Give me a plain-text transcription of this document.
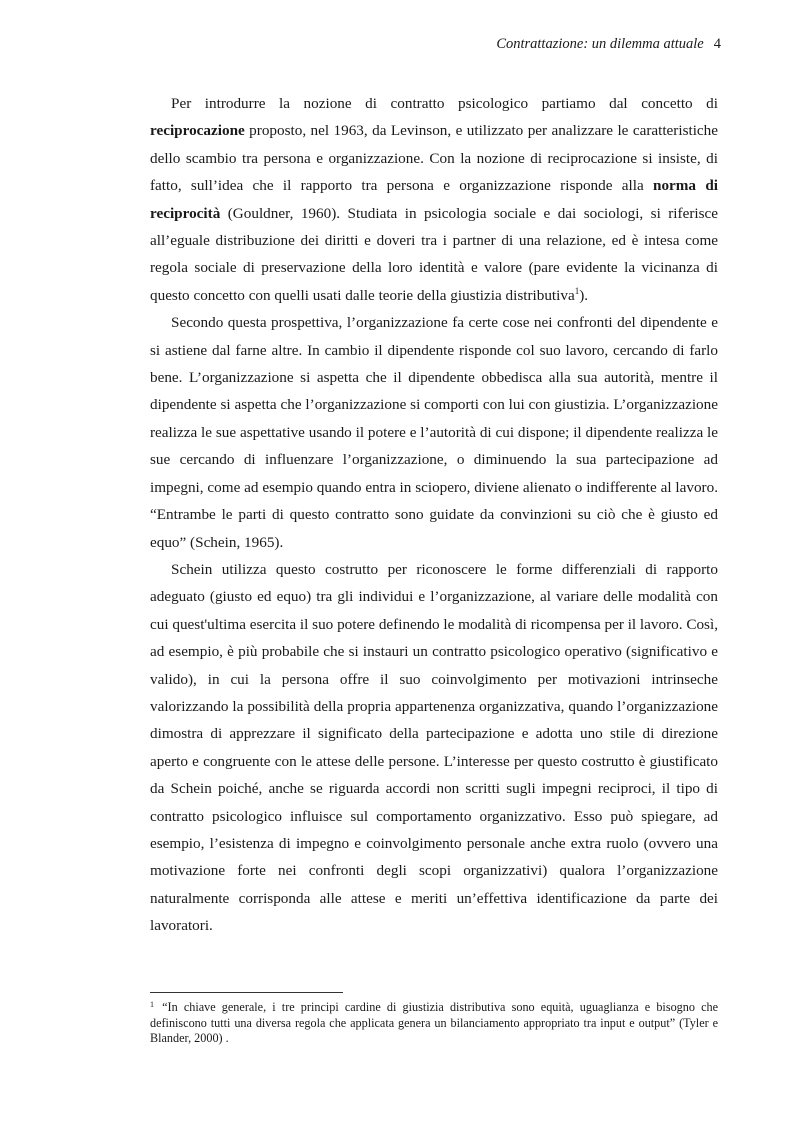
Contrattazione: un dilemma attuale 4

Per introdurre la nozione di contratto psicologico partiamo dal concetto di reciprocazione proposto, nel 1963, da Levinson, e utilizzato per analizzare le caratteristiche dello scambio tra persona e organizzazione. Con la nozione di reciprocazione si insiste, di fatto, sull’idea che il rapporto tra persona e organizzazione risponde alla norma di reciprocità (Gouldner, 1960). Studiata in psicologia sociale e dai sociologi, si riferisce all’eguale distribuzione dei diritti e doveri tra i partner di una relazione, ed è intesa come regola sociale di preservazione della loro identità e valore (pare evidente la vicinanza di questo concetto con quelli usati dalle teorie della giustizia distributiva$^1$).

Secondo questa prospettiva, l’organizzazione fa certe cose nei confronti del dipendente e si astiene dal farne altre. In cambio il dipendente risponde col suo lavoro, cercando di farlo bene. L’organizzazione si aspetta che il dipendente obbedisca alla sua autorità, mentre il dipendente si aspetta che l’organizzazione si comporti con lui con giustizia. L’organizzazione realizza le sue aspettative usando il potere e l’autorità di cui dispone; il dipendente realizza le sue cercando di influenzare l’organizzazione, o diminuendo la sua partecipazione ad impegni, come ad esempio quando entra in sciopero, diviene alienato o indifferente al lavoro. “Entrambe le parti di questo contratto sono guidate da convinzioni su ciò che è giusto ed equo” (Schein, 1965).

Schein utilizza questo costrutto per riconoscere le forme differenziali di rapporto adeguato (giusto ed equo) tra gli individui e l’organizzazione, al variare delle modalità con cui quest'ultima esercita il suo potere definendo le modalità di ricompensa per il lavoro. Così, ad esempio, è più probabile che si instauri un contratto psicologico operativo (significativo e valido), in cui la persona offre il suo coinvolgimento per motivazioni intrinseche valorizzando la possibilità della propria appartenenza organizzativa, quando l’organizzazione dimostra di apprezzare il significato della partecipazione e adotta uno stile di direzione aperto e congruente con le attese delle persone. L’interesse per questo costrutto è giustificato da Schein poiché, anche se riguarda accordi non scritti sugli impegni reciproci, il tipo di contratto psicologico influisce sul comportamento organizzativo. Esso può spiegare, ad esempio, l’esistenza di impegno e coinvolgimento personale anche extra ruolo (ovvero una motivazione forte nei confronti degli scopi organizzativi) qualora l’organizzazione naturalmente corrisponda alle attese e meriti un’effettiva identificazione da parte dei lavoratori.

$^1$ “In chiave generale, i tre principi cardine di giustizia distributiva sono equità, uguaglianza e bisogno che definiscono tutti una diversa regola che applicata genera un bilanciamento appropriato tra input e output” (Tyler e Blander, 2000) .
